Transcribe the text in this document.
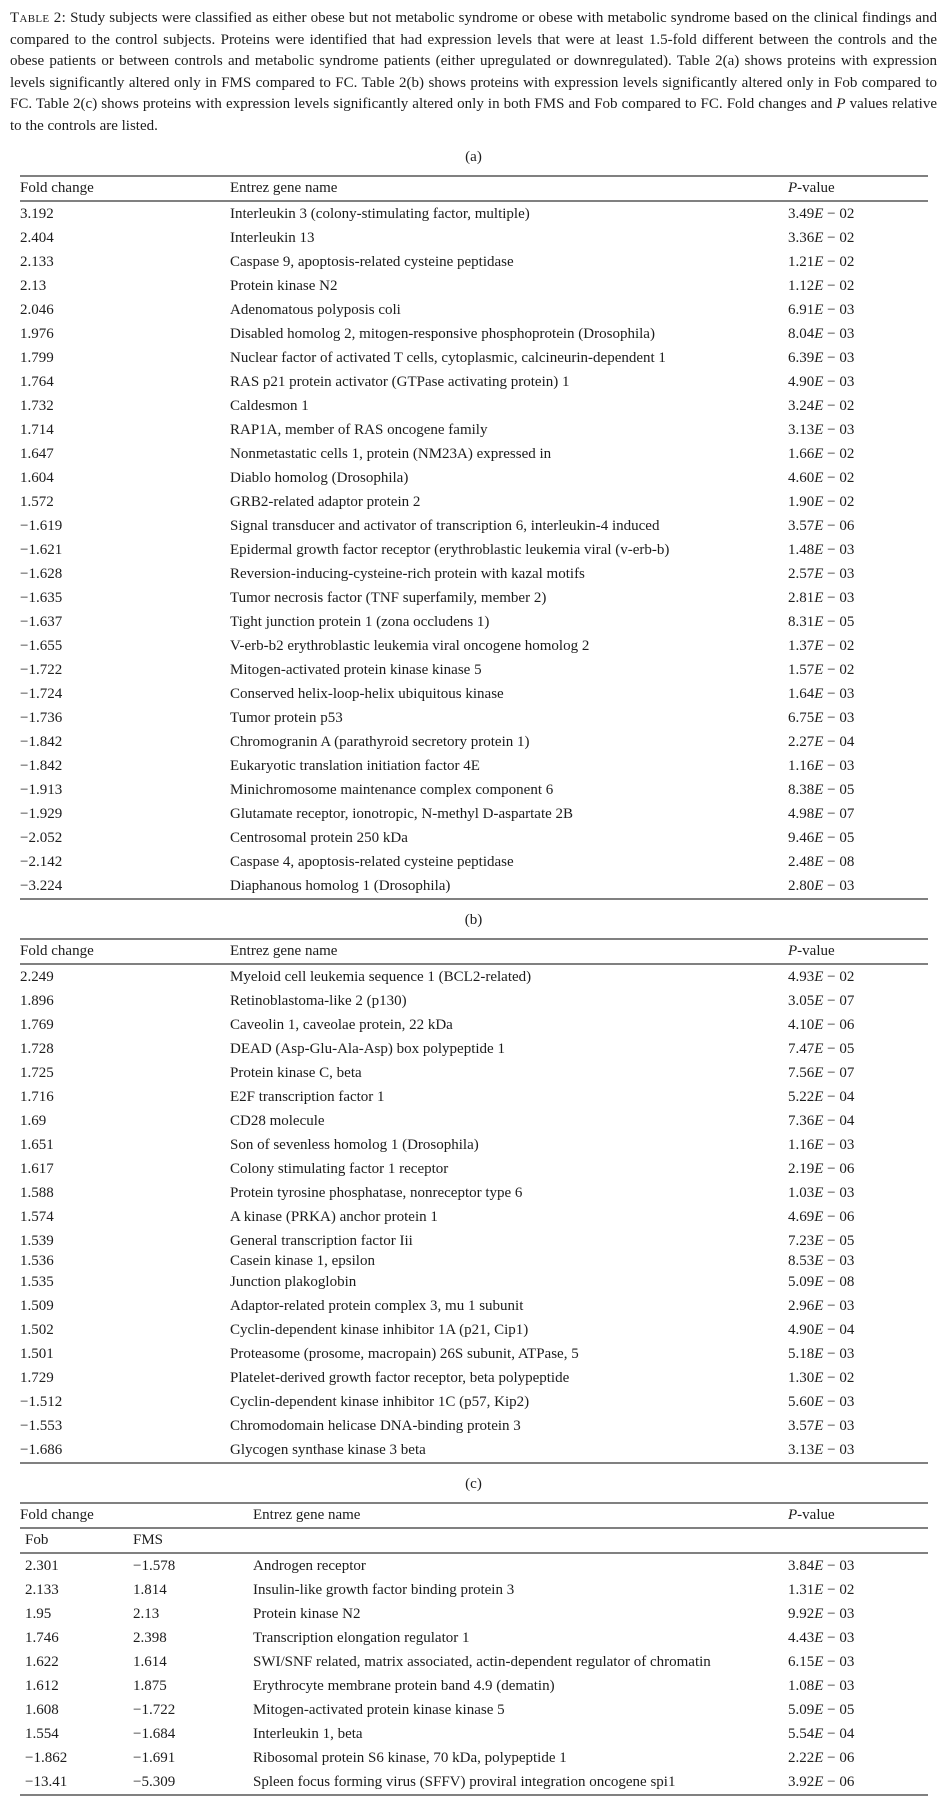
Table 2: Study subjects were classified as either obese but not metabolic syndrome or obese with metabolic syndrome based on the clinical findings and compared to the control subjects. Proteins were identified that had expression levels that were at least 1.5-fold different between the controls and the obese patients or between controls and metabolic syndrome patients (either upregulated or downregulated). Table 2(a) shows proteins with expression levels significantly altered only in FMS compared to FC. Table 2(b) shows proteins with expression levels significantly altered only in Fob compared to FC. Table 2(c) shows proteins with expression levels significantly altered only in both FMS and Fob compared to FC. Fold changes and P values relative to the controls are listed.

(a)
Fold change	Entrez gene name	P-value
3.192	Interleukin 3 (colony-stimulating factor, multiple)	3.49E − 02
2.404	Interleukin 13	3.36E − 02
2.133	Caspase 9, apoptosis-related cysteine peptidase	1.21E − 02
2.13	Protein kinase N2	1.12E − 02
2.046	Adenomatous polyposis coli	6.91E − 03
1.976	Disabled homolog 2, mitogen-responsive phosphoprotein (Drosophila)	8.04E − 03
1.799	Nuclear factor of activated T cells, cytoplasmic, calcineurin-dependent 1	6.39E − 03
1.764	RAS p21 protein activator (GTPase activating protein) 1	4.90E − 03
1.732	Caldesmon 1	3.24E − 02
1.714	RAP1A, member of RAS oncogene family	3.13E − 03
1.647	Nonmetastatic cells 1, protein (NM23A) expressed in	1.66E − 02
1.604	Diablo homolog (Drosophila)	4.60E − 02
1.572	GRB2-related adaptor protein 2	1.90E − 02
−1.619	Signal transducer and activator of transcription 6, interleukin-4 induced	3.57E − 06
−1.621	Epidermal growth factor receptor (erythroblastic leukemia viral (v-erb-b)	1.48E − 03
−1.628	Reversion-inducing-cysteine-rich protein with kazal motifs	2.57E − 03
−1.635	Tumor necrosis factor (TNF superfamily, member 2)	2.81E − 03
−1.637	Tight junction protein 1 (zona occludens 1)	8.31E − 05
−1.655	V-erb-b2 erythroblastic leukemia viral oncogene homolog 2	1.37E − 02
−1.722	Mitogen-activated protein kinase kinase 5	1.57E − 02
−1.724	Conserved helix-loop-helix ubiquitous kinase	1.64E − 03
−1.736	Tumor protein p53	6.75E − 03
−1.842	Chromogranin A (parathyroid secretory protein 1)	2.27E − 04
−1.842	Eukaryotic translation initiation factor 4E	1.16E − 03
−1.913	Minichromosome maintenance complex component 6	8.38E − 05
−1.929	Glutamate receptor, ionotropic, N-methyl D-aspartate 2B	4.98E − 07
−2.052	Centrosomal protein 250 kDa	9.46E − 05
−2.142	Caspase 4, apoptosis-related cysteine peptidase	2.48E − 08
−3.224	Diaphanous homolog 1 (Drosophila)	2.80E − 03
(b)
Fold change	Entrez gene name	P-value
2.249	Myeloid cell leukemia sequence 1 (BCL2-related)	4.93E − 02
1.896	Retinoblastoma-like 2 (p130)	3.05E − 07
1.769	Caveolin 1, caveolae protein, 22 kDa	4.10E − 06
1.728	DEAD (Asp-Glu-Ala-Asp) box polypeptide 1	7.47E − 05
1.725	Protein kinase C, beta	7.56E − 07
1.716	E2F transcription factor 1	5.22E − 04
1.69	CD28 molecule	7.36E − 04
1.651	Son of sevenless homolog 1 (Drosophila)	1.16E − 03
1.617	Colony stimulating factor 1 receptor	2.19E − 06
1.588	Protein tyrosine phosphatase, nonreceptor type 6	1.03E − 03
1.574	A kinase (PRKA) anchor protein 1	4.69E − 06
1.539	General transcription factor Iii	7.23E − 05
1.536	Casein kinase 1, epsilon	8.53E − 03
1.535	Junction plakoglobin	5.09E − 08
1.509	Adaptor-related protein complex 3, mu 1 subunit	2.96E − 03
1.502	Cyclin-dependent kinase inhibitor 1A (p21, Cip1)	4.90E − 04
1.501	Proteasome (prosome, macropain) 26S subunit, ATPase, 5	5.18E − 03
1.729	Platelet-derived growth factor receptor, beta polypeptide	1.30E − 02
−1.512	Cyclin-dependent kinase inhibitor 1C (p57, Kip2)	5.60E − 03
−1.553	Chromodomain helicase DNA-binding protein 3	3.57E − 03
−1.686	Glycogen synthase kinase 3 beta	3.13E − 03
(c)
Fold change		Entrez gene name	P-value
Fob	FMS		
2.301	−1.578	Androgen receptor	3.84E − 03
2.133	1.814	Insulin-like growth factor binding protein 3	1.31E − 02
1.95	2.13	Protein kinase N2	9.92E − 03
1.746	2.398	Transcription elongation regulator 1	4.43E − 03
1.622	1.614	SWI/SNF related, matrix associated, actin-dependent regulator of chromatin	6.15E − 03
1.612	1.875	Erythrocyte membrane protein band 4.9 (dematin)	1.08E − 03
1.608	−1.722	Mitogen-activated protein kinase kinase 5	5.09E − 05
1.554	−1.684	Interleukin 1, beta	5.54E − 04
−1.862	−1.691	Ribosomal protein S6 kinase, 70 kDa, polypeptide 1	2.22E − 06
−13.41	−5.309	Spleen focus forming virus (SFFV) proviral integration oncogene spi1	3.92E − 06
